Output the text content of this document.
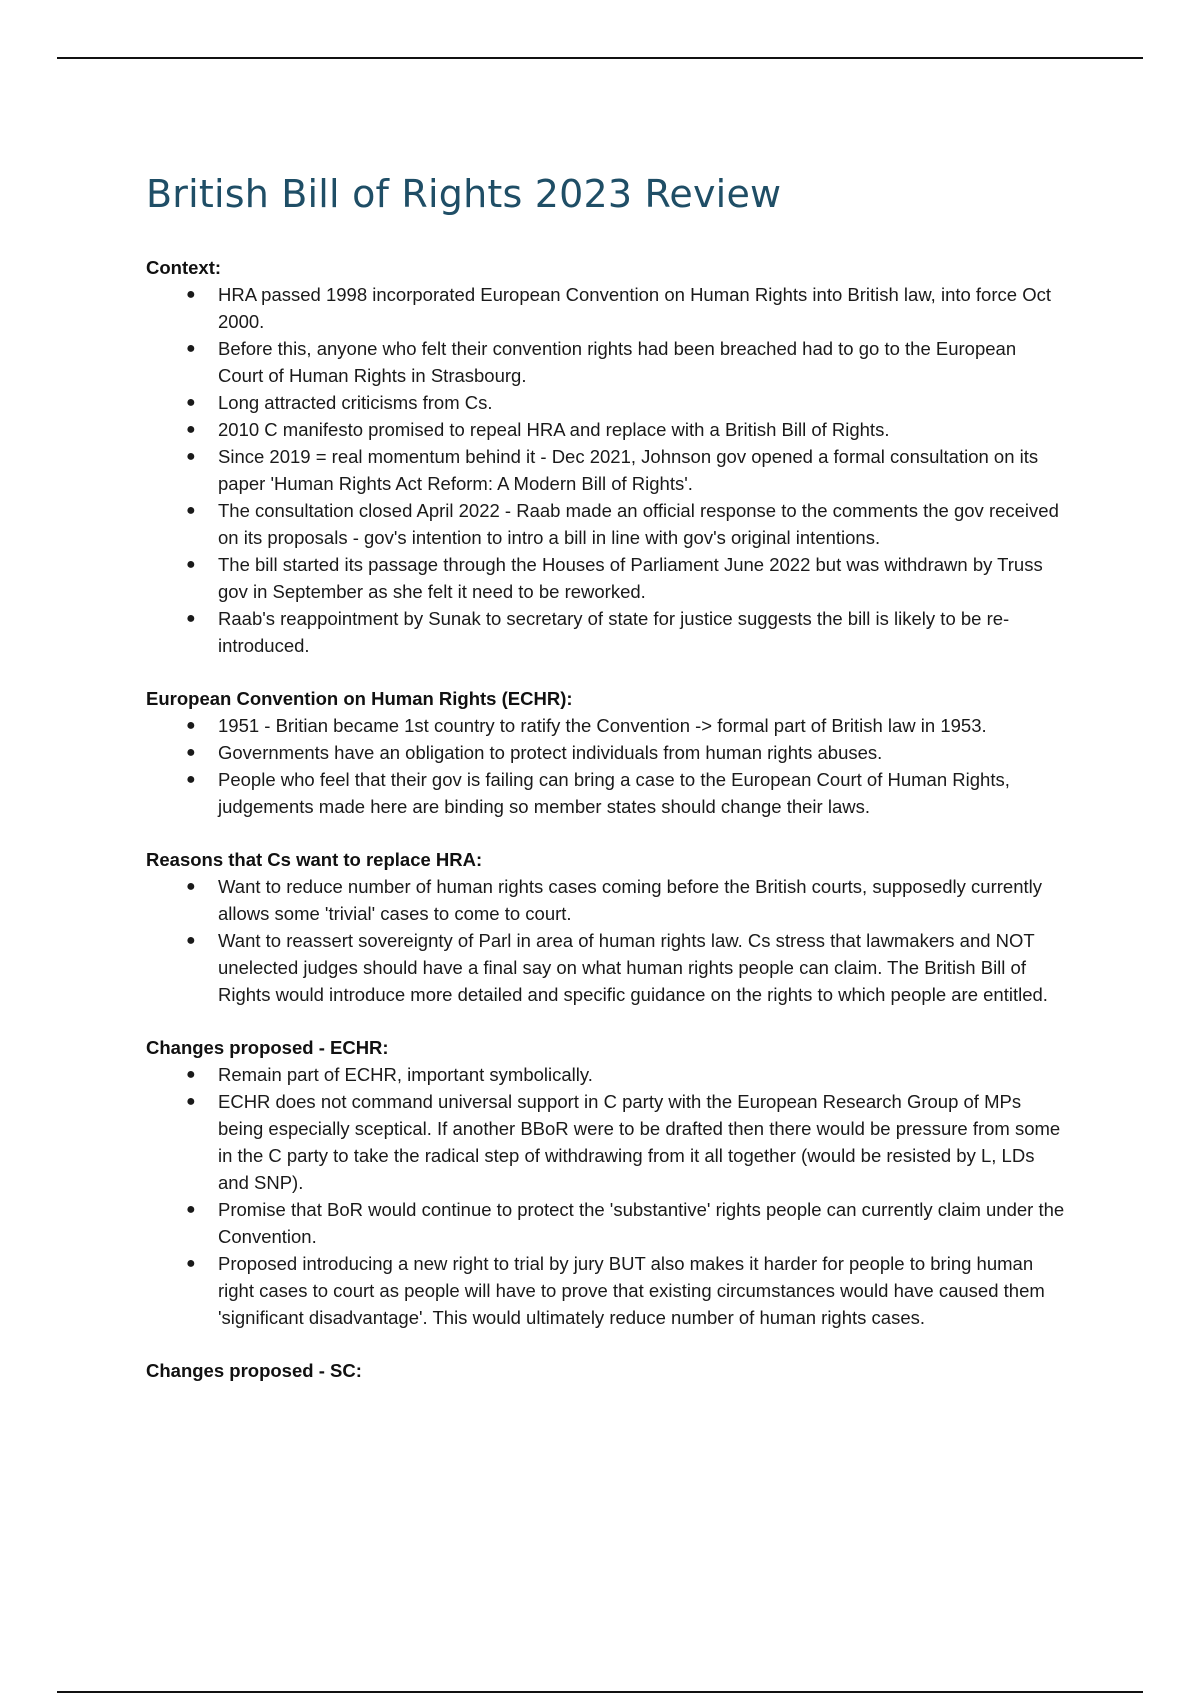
British Bill of Rights 2023 Review

Context:

● HRA passed 1998 incorporated European Convention on Human Rights into British law, into force Oct 2000.
● Before this, anyone who felt their convention rights had been breached had to go to the European Court of Human Rights in Strasbourg.
● Long attracted criticisms from Cs.
● 2010 C manifesto promised to repeal HRA and replace with a British Bill of Rights.
● Since 2019 = real momentum behind it - Dec 2021, Johnson gov opened a formal consultation on its paper 'Human Rights Act Reform: A Modern Bill of Rights'.
● The consultation closed April 2022 - Raab made an official response to the comments the gov received on its proposals - gov's intention to intro a bill in line with gov's original intentions.
● The bill started its passage through the Houses of Parliament June 2022 but was withdrawn by Truss gov in September as she felt it need to be reworked.
● Raab's reappointment by Sunak to secretary of state for justice suggests the bill is likely to be re-introduced.

European Convention on Human Rights (ECHR):

● 1951 - Britian became 1st country to ratify the Convention -> formal part of British law in 1953.
● Governments have an obligation to protect individuals from human rights abuses.
● People who feel that their gov is failing can bring a case to the European Court of Human Rights, judgements made here are binding so member states should change their laws.

Reasons that Cs want to replace HRA:

● Want to reduce number of human rights cases coming before the British courts, supposedly currently allows some 'trivial' cases to come to court.
● Want to reassert sovereignty of Parl in area of human rights law. Cs stress that lawmakers and NOT unelected judges should have a final say on what human rights people can claim. The British Bill of Rights would introduce more detailed and specific guidance on the rights to which people are entitled.

Changes proposed - ECHR:

● Remain part of ECHR, important symbolically.
● ECHR does not command universal support in C party with the European Research Group of MPs being especially sceptical. If another BBoR were to be drafted then there would be pressure from some in the C party to take the radical step of withdrawing from it all together (would be resisted by L, LDs and SNP).
● Promise that BoR would continue to protect the 'substantive' rights people can currently claim under the Convention.
● Proposed introducing a new right to trial by jury BUT also makes it harder for people to bring human right cases to court as people will have to prove that existing circumstances would have caused them 'significant disadvantage'. This would ultimately reduce number of human rights cases.

Changes proposed - SC:
